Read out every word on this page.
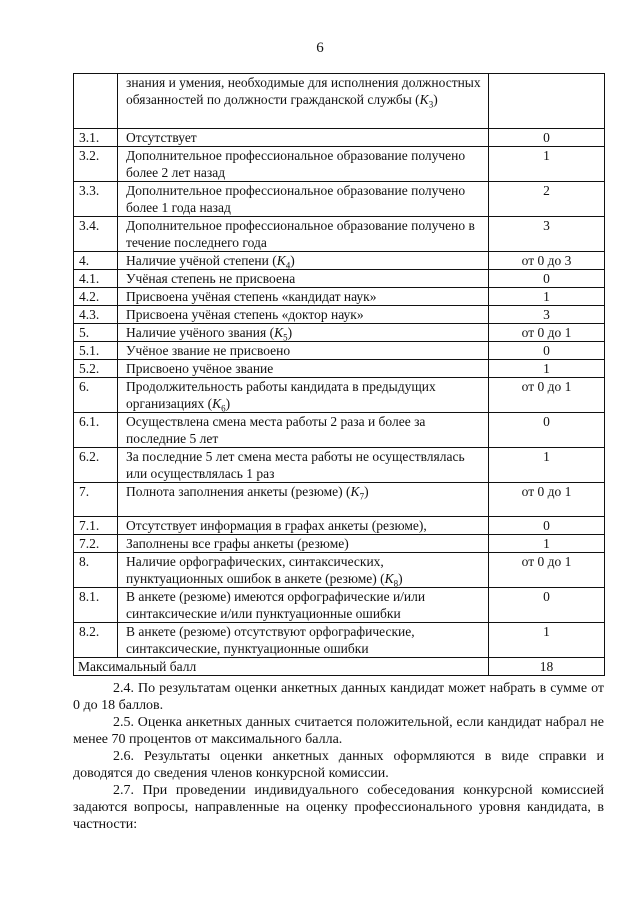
6
	знания и умения, необходимые для исполнения должностных обязанностей по должности гражданской службы $(K_3)$	
3.1.	Отсутствует	0
3.2.	Дополнительное профессиональное образование получено более 2 лет назад	1
3.3.	Дополнительное профессиональное образование получено более 1 года назад	2
3.4.	Дополнительное профессиональное образование получено в течение последнего года	3
4.	Наличие учёной степени $(K_4)$	от 0 до 3
4.1.	Учёная степень не присвоена	0
4.2.	Присвоена учёная степень «кандидат наук»	1
4.3.	Присвоена учёная степень «доктор наук»	3
5.	Наличие учёного звания $(K_5)$	от 0 до 1
5.1.	Учёное звание не присвоено	0
5.2.	Присвоено учёное звание	1
6.	Продолжительность работы кандидата в предыдущих организациях $(K_6)$	от 0 до 1
6.1.	Осуществлена смена места работы 2 раза и более за последние 5 лет	0
6.2.	За последние 5 лет смена места работы не осуществлялась или осуществлялась 1 раз	1
7.	Полнота заполнения анкеты (резюме) $(K_7)$	от 0 до 1
7.1.	Отсутствует информация в графах анкеты (резюме),	0
7.2.	Заполнены все графы анкеты (резюме)	1
8.	Наличие орфографических, синтаксических, пунктуационных ошибок в анкете (резюме) $(K_8)$	от 0 до 1
8.1.	В анкете (резюме) имеются орфографические и/или синтаксические и/или пунктуационные ошибки	0
8.2.	В анкете (резюме) отсутствуют орфографические, синтаксические, пунктуационные ошибки	1
Максимальный балл		18

2.4. По результатам оценки анкетных данных кандидат может набрать в сумме от 0 до 18 баллов.

2.5. Оценка анкетных данных считается положительной, если кандидат набрал не менее 70 процентов от максимального балла.

2.6. Результаты оценки анкетных данных оформляются в виде справки и доводятся до сведения членов конкурсной комиссии.

2.7. При проведении индивидуального собеседования конкурсной комиссией задаются вопросы, направленные на оценку профессионального уровня кандидата, в частности:
